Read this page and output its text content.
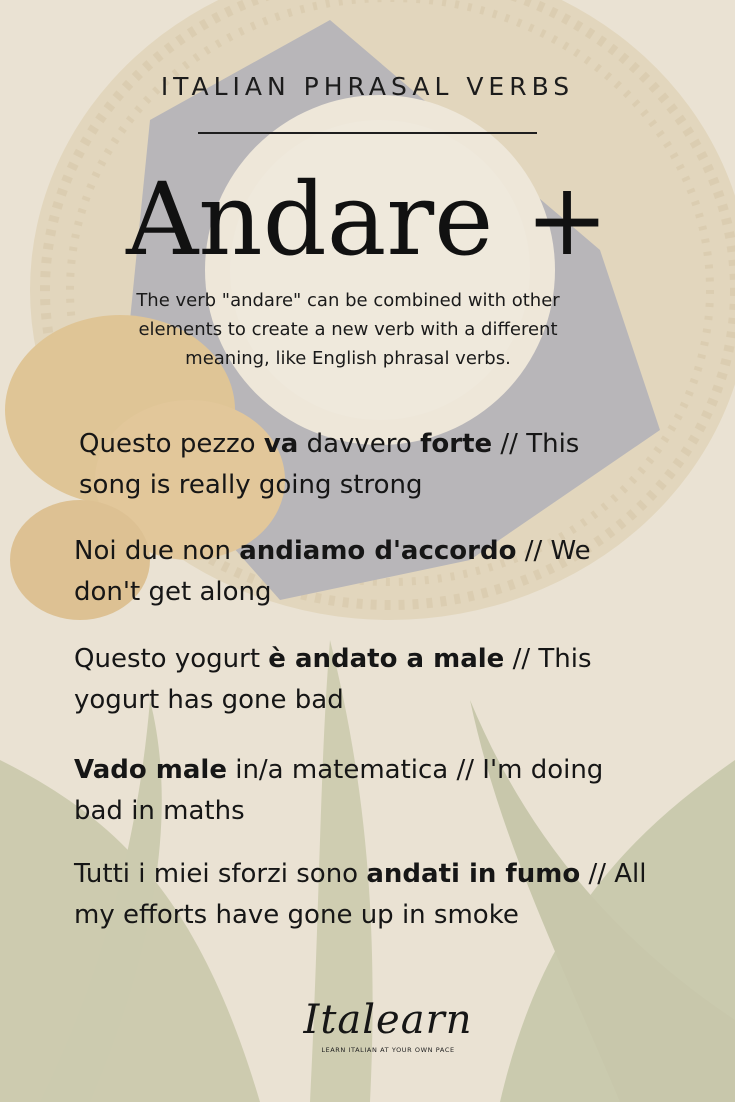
ITALIAN PHRASAL VERBS
Andare +

The verb "andare" can be combined with other elements to create a new verb with a different meaning, like English phrasal verbs.

Questo pezzo va davvero forte // This song is really going strong
Noi due non andiamo d'accordo // We don't get along
Questo yogurt è andato a male // This yogurt has gone bad
Vado male in/a matematica // I'm doing bad in maths
Tutti i miei sforzi sono andati in fumo // All my efforts have gone up in smoke
Italearn
LEARN ITALIAN AT YOUR OWN PACE
